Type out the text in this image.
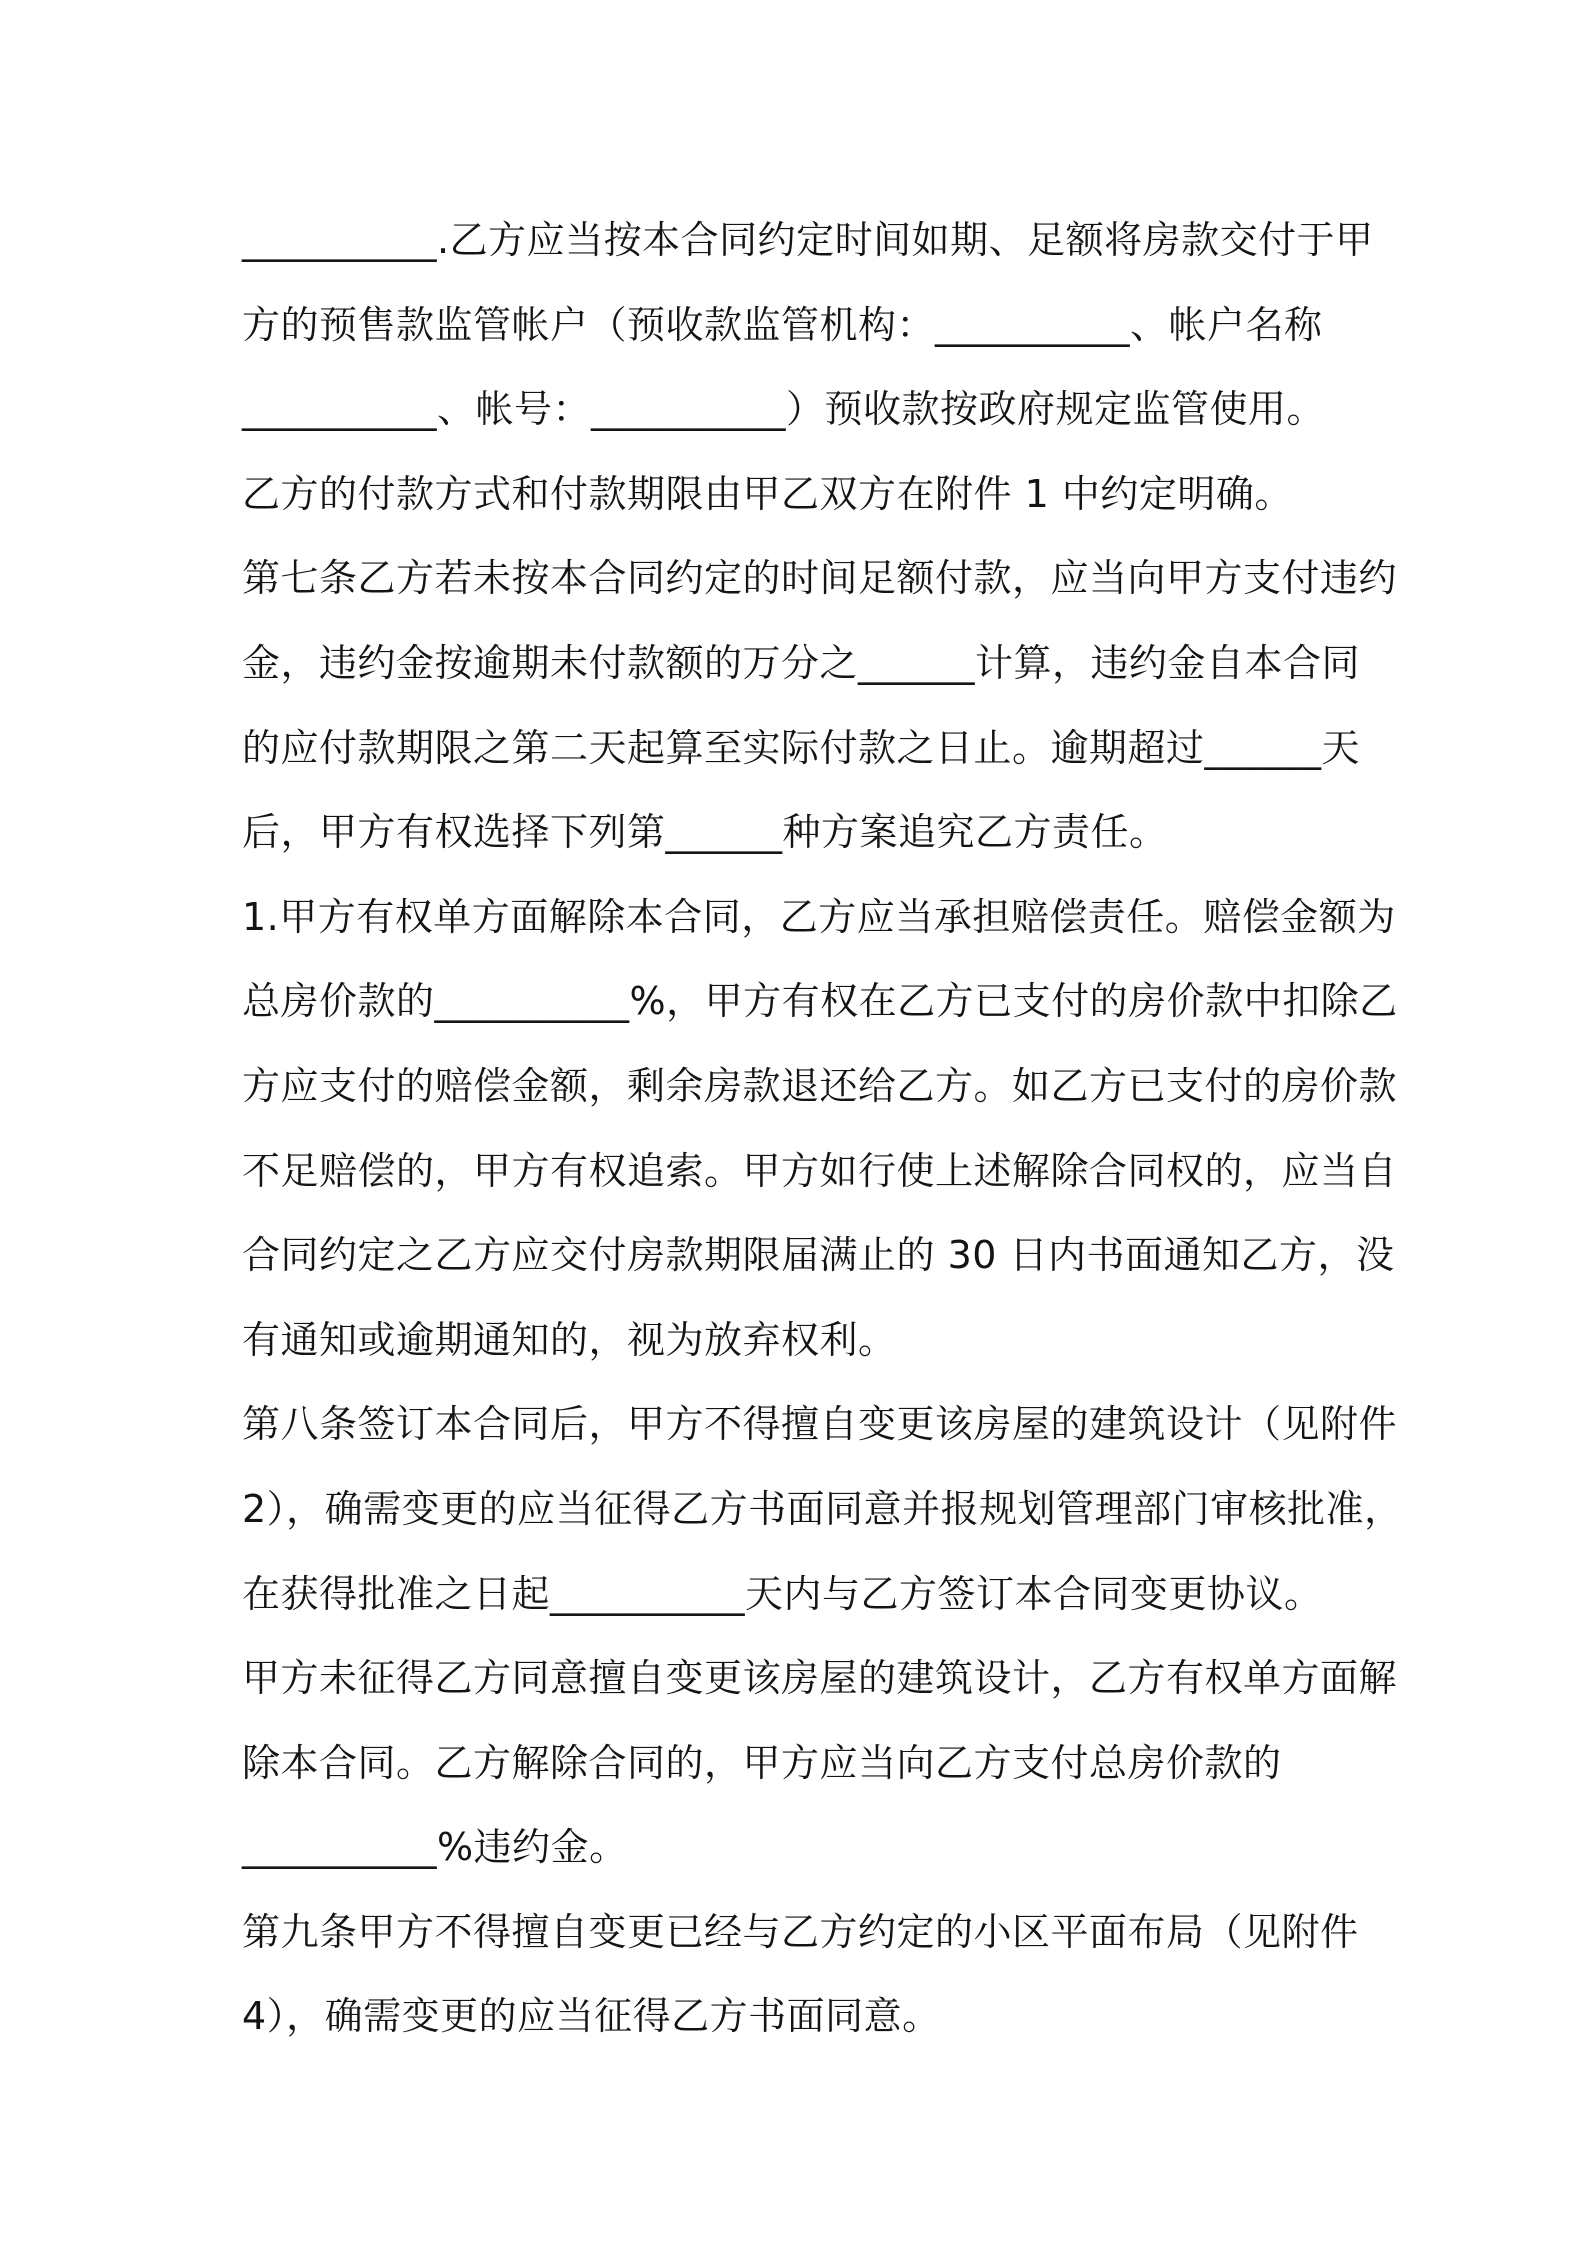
__________.乙方应当按本合同约定时间如期、足额将房款交付于甲
方的预售款监管帐户（预收款监管机构：__________、帐户名称
__________、帐号：__________）预收款按政府规定监管使用。
乙方的付款方式和付款期限由甲乙双方在附件 1 中约定明确。
第七条乙方若未按本合同约定的时间足额付款，应当向甲方支付违约
金，违约金按逾期未付款额的万分之______计算，违约金自本合同
的应付款期限之第二天起算至实际付款之日止。逾期超过______天
后，甲方有权选择下列第______种方案追究乙方责任。
1.甲方有权单方面解除本合同，乙方应当承担赔偿责任。赔偿金额为
总房价款的__________%，甲方有权在乙方已支付的房价款中扣除乙
方应支付的赔偿金额，剩余房款退还给乙方。如乙方已支付的房价款
不足赔偿的，甲方有权追索。甲方如行使上述解除合同权的，应当自
合同约定之乙方应交付房款期限届满止的 30 日内书面通知乙方，没
有通知或逾期通知的，视为放弃权利。
第八条签订本合同后，甲方不得擅自变更该房屋的建筑设计（见附件
2），确需变更的应当征得乙方书面同意并报规划管理部门审核批准，
在获得批准之日起__________天内与乙方签订本合同变更协议。
甲方未征得乙方同意擅自变更该房屋的建筑设计，乙方有权单方面解
除本合同。乙方解除合同的，甲方应当向乙方支付总房价款的
__________%违约金。
第九条甲方不得擅自变更已经与乙方约定的小区平面布局（见附件
4），确需变更的应当征得乙方书面同意。
